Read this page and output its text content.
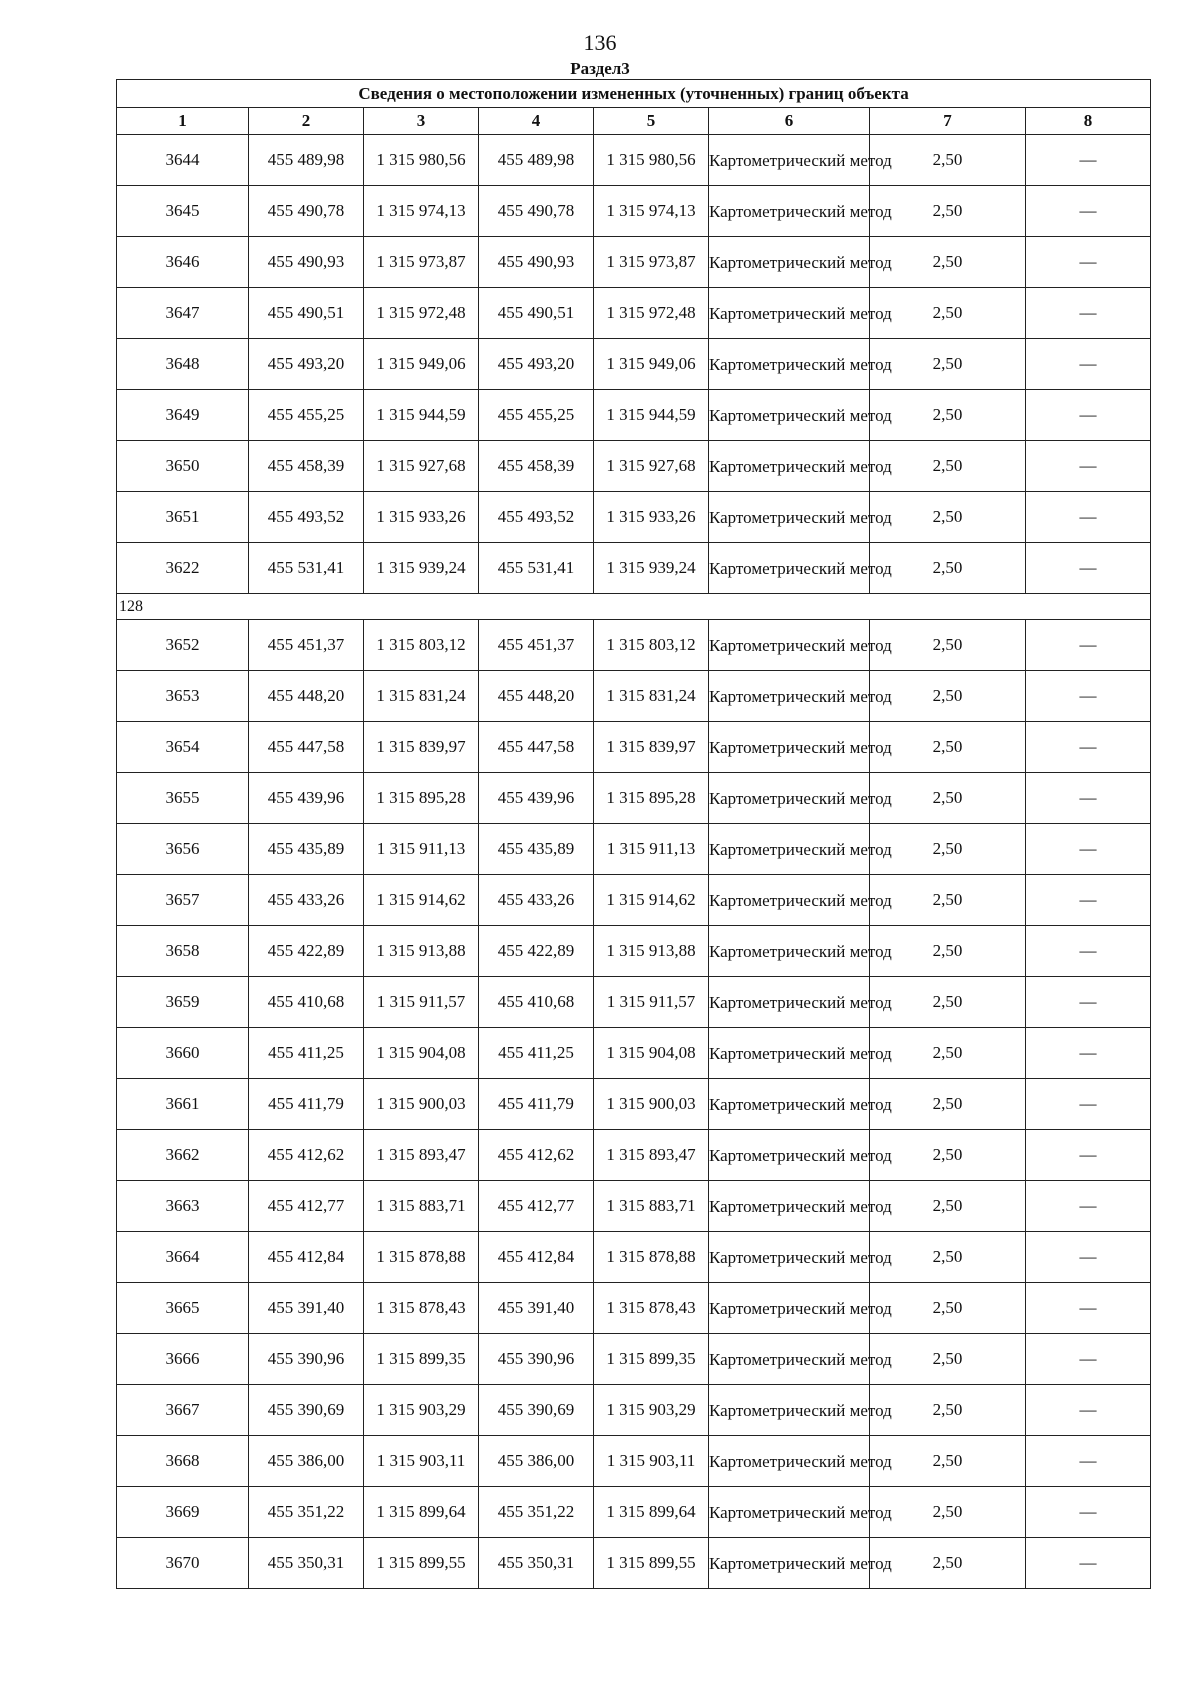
136
Раздел3
Сведения о местоположении измененных (уточненных) границ объекта							
1	2	3	4	5	6	7	8
3644	455 489,98	1 315 980,56	455 489,98	1 315 980,56	Картометрический метод	2,50	—
3645	455 490,78	1 315 974,13	455 490,78	1 315 974,13	Картометрический метод	2,50	—
3646	455 490,93	1 315 973,87	455 490,93	1 315 973,87	Картометрический метод	2,50	—
3647	455 490,51	1 315 972,48	455 490,51	1 315 972,48	Картометрический метод	2,50	—
3648	455 493,20	1 315 949,06	455 493,20	1 315 949,06	Картометрический метод	2,50	—
3649	455 455,25	1 315 944,59	455 455,25	1 315 944,59	Картометрический метод	2,50	—
3650	455 458,39	1 315 927,68	455 458,39	1 315 927,68	Картометрический метод	2,50	—
3651	455 493,52	1 315 933,26	455 493,52	1 315 933,26	Картометрический метод	2,50	—
3622	455 531,41	1 315 939,24	455 531,41	1 315 939,24	Картометрический метод	2,50	—
128							
3652	455 451,37	1 315 803,12	455 451,37	1 315 803,12	Картометрический метод	2,50	—
3653	455 448,20	1 315 831,24	455 448,20	1 315 831,24	Картометрический метод	2,50	—
3654	455 447,58	1 315 839,97	455 447,58	1 315 839,97	Картометрический метод	2,50	—
3655	455 439,96	1 315 895,28	455 439,96	1 315 895,28	Картометрический метод	2,50	—
3656	455 435,89	1 315 911,13	455 435,89	1 315 911,13	Картометрический метод	2,50	—
3657	455 433,26	1 315 914,62	455 433,26	1 315 914,62	Картометрический метод	2,50	—
3658	455 422,89	1 315 913,88	455 422,89	1 315 913,88	Картометрический метод	2,50	—
3659	455 410,68	1 315 911,57	455 410,68	1 315 911,57	Картометрический метод	2,50	—
3660	455 411,25	1 315 904,08	455 411,25	1 315 904,08	Картометрический метод	2,50	—
3661	455 411,79	1 315 900,03	455 411,79	1 315 900,03	Картометрический метод	2,50	—
3662	455 412,62	1 315 893,47	455 412,62	1 315 893,47	Картометрический метод	2,50	—
3663	455 412,77	1 315 883,71	455 412,77	1 315 883,71	Картометрический метод	2,50	—
3664	455 412,84	1 315 878,88	455 412,84	1 315 878,88	Картометрический метод	2,50	—
3665	455 391,40	1 315 878,43	455 391,40	1 315 878,43	Картометрический метод	2,50	—
3666	455 390,96	1 315 899,35	455 390,96	1 315 899,35	Картометрический метод	2,50	—
3667	455 390,69	1 315 903,29	455 390,69	1 315 903,29	Картометрический метод	2,50	—
3668	455 386,00	1 315 903,11	455 386,00	1 315 903,11	Картометрический метод	2,50	—
3669	455 351,22	1 315 899,64	455 351,22	1 315 899,64	Картометрический метод	2,50	—
3670	455 350,31	1 315 899,55	455 350,31	1 315 899,55	Картометрический метод	2,50	—
